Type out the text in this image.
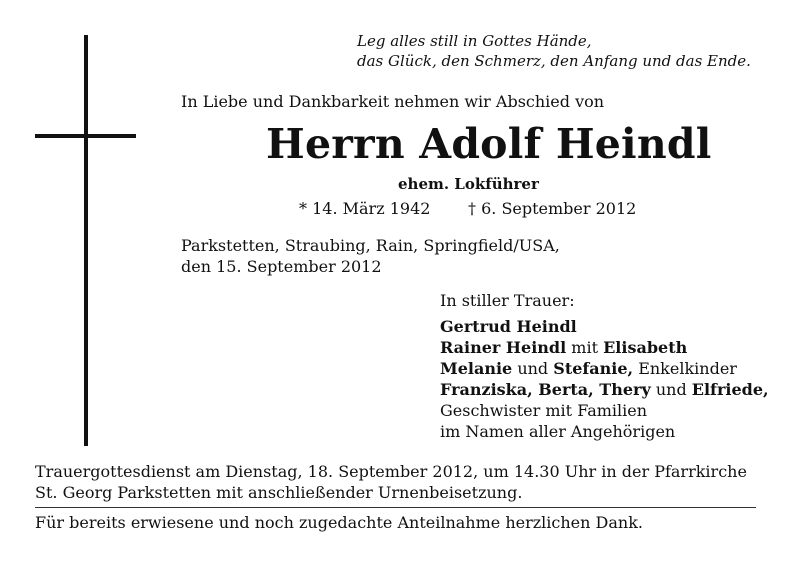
Leg alles still in Gottes Hände,
das Glück, den Schmerz, den Anfang und das Ende.
In Liebe und Dankbarkeit nehmen wir Abschied von
Herrn Adolf Heindl
ehem. Lokführer
* 14. März 1942 † 6. September 2012
Parkstetten, Straubing, Rain, Springfield/USA,
den 15. September 2012
In stiller Trauer:
Gertrud Heindl
Rainer Heindl mit Elisabeth
Melanie und Stefanie, Enkelkinder
Franziska, Berta, Thery und Elfriede,
Geschwister mit Familien
im Namen aller Angehörigen
Trauergottesdienst am Dienstag, 18. September 2012, um 14.30 Uhr in der Pfarrkirche
St. Georg Parkstetten mit anschließender Urnenbeisetzung.
Für bereits erwiesene und noch zugedachte Anteilnahme herzlichen Dank.
